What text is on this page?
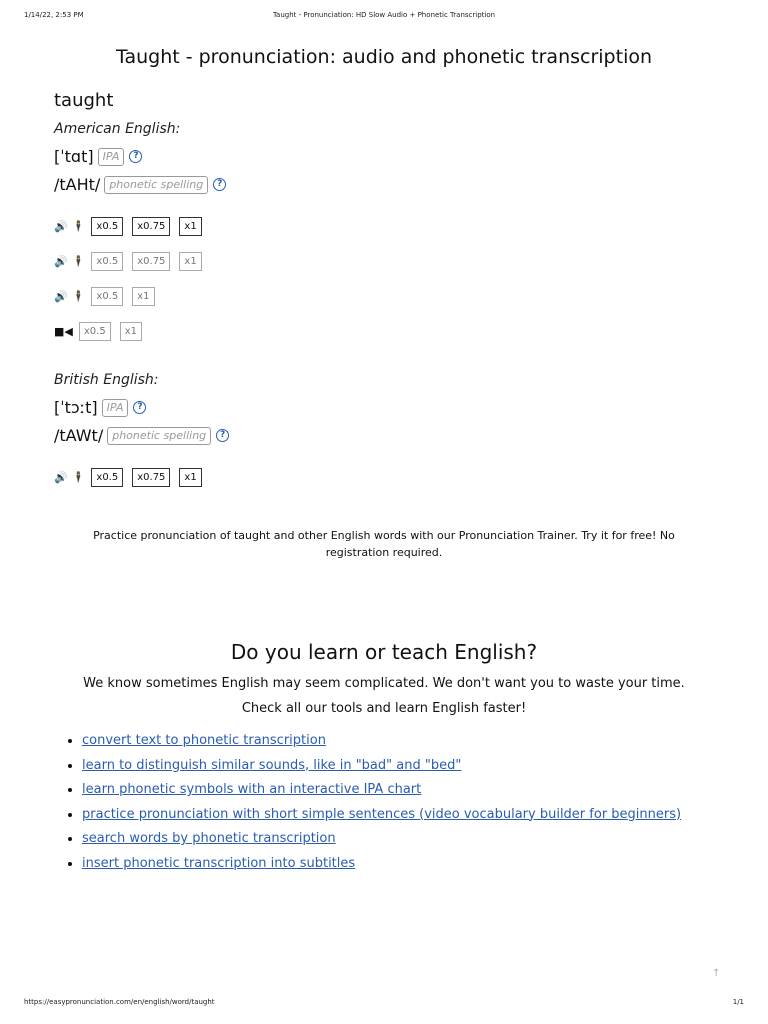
1/14/22, 2:53 PM	Taught - Pronunciation: HD Slow Audio + Phonetic Transcription
Taught - pronunciation: audio and phonetic transcription
taught
American English:
[ˈtɑt] IPA	?
/tAHt/ phonetic spelling	?
🔊 🕴	x0.5	x0.75	x1
🔊 🕴	x0.5	x0.75	x1
🔊 🕴	x0.5	x1
■◀	x0.5	x1
British English:
[ˈtɔːt] IPA	?
/tAWt/ phonetic spelling	?
🔊 🕴	x0.5	x0.75	x1
Practice pronunciation of taught and other English words with our Pronunciation Trainer. Try it for free! No registration required.
Do you learn or teach English?
We know sometimes English may seem complicated. We don't want you to waste your time.
Check all our tools and learn English faster!
• convert text to phonetic transcription
• learn to distinguish similar sounds, like in "bad" and "bed"
• learn phonetic symbols with an interactive IPA chart
• practice pronunciation with short simple sentences (video vocabulary builder for beginners)
• search words by phonetic transcription
• insert phonetic transcription into subtitles
↑
https://easypronunciation.com/en/english/word/taught	1/1
